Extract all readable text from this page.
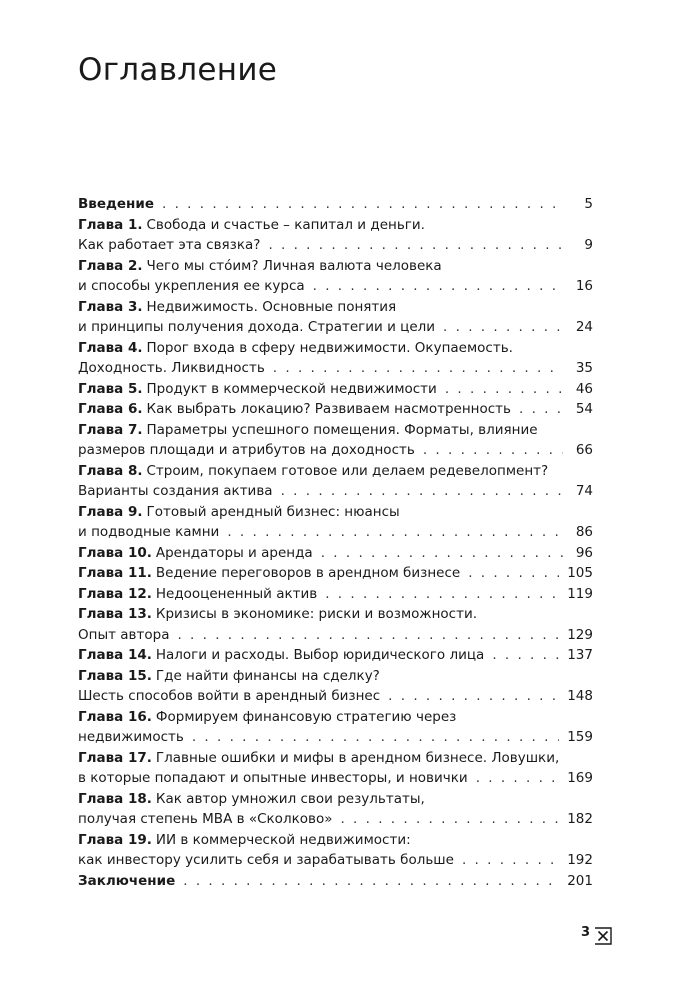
Оглавление
Введение . . .	5
Глава 1. Свобода и счастье – капитал и деньги.
Как работает эта связка? . . .	9
Глава 2. Чего мы сто́им? Личная валюта человека
и способы укрепления ее курса . . .	16
Глава 3. Недвижимость. Основные понятия
и принципы получения дохода. Стратегии и цели . . .	24
Глава 4. Порог входа в сферу недвижимости. Окупаемость.
Доходность. Ликвидность . . .	35
Глава 5. Продукт в коммерческой недвижимости . . .	46
Глава 6. Как выбрать локацию? Развиваем насмотренность . . .	54
Глава 7. Параметры успешного помещения. Форматы, влияние
размеров площади и атрибутов на доходность . . .	66
Глава 8. Строим, покупаем готовое или делаем редевелопмент?
Варианты создания актива . . .	74
Глава 9. Готовый арендный бизнес: нюансы
и подводные камни . . .	86
Глава 10. Арендаторы и аренда . . .	96
Глава 11. Ведение переговоров в арендном бизнесе . . .	105
Глава 12. Недооцененный актив . . .	119
Глава 13. Кризисы в экономике: риски и возможности.
Опыт автора . . .	129
Глава 14. Налоги и расходы. Выбор юридического лица . . .	137
Глава 15. Где найти финансы на сделку?
Шесть способов войти в арендный бизнес . . .	148
Глава 16. Формируем финансовую стратегию через
недвижимость . . .	159
Глава 17. Главные ошибки и мифы в арендном бизнесе. Ловушки,
в которые попадают и опытные инвесторы, и новички . . .	169
Глава 18. Как автор умножил свои результаты,
получая степень MBA в «Сколково» . . .	182
Глава 19. ИИ в коммерческой недвижимости:
как инвестору усилить себя и зарабатывать больше . . .	192
Заключение . . .	201
3
